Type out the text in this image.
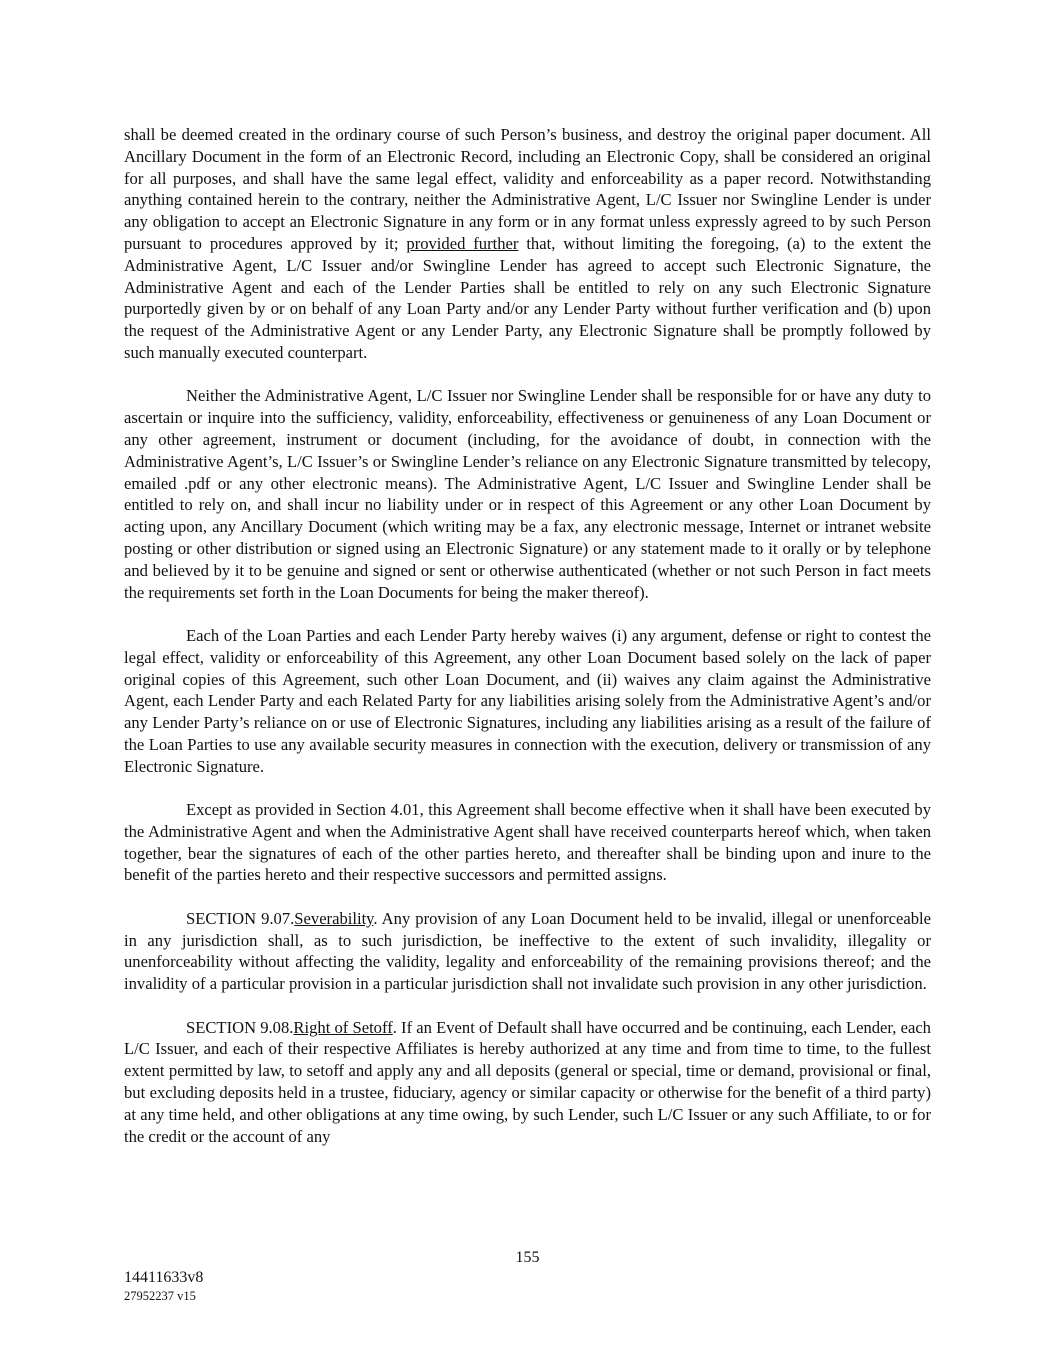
shall be deemed created in the ordinary course of such Person’s business, and destroy the original paper document. All Ancillary Document in the form of an Electronic Record, including an Electronic Copy, shall be considered an original for all purposes, and shall have the same legal effect, validity and enforceability as a paper record. Notwithstanding anything contained herein to the contrary, neither the Administrative Agent, L/C Issuer nor Swingline Lender is under any obligation to accept an Electronic Signature in any form or in any format unless expressly agreed to by such Person pursuant to procedures approved by it; provided further that, without limiting the foregoing, (a) to the extent the Administrative Agent, L/C Issuer and/or Swingline Lender has agreed to accept such Electronic Signature, the Administrative Agent and each of the Lender Parties shall be entitled to rely on any such Electronic Signature purportedly given by or on behalf of any Loan Party and/or any Lender Party without further verification and (b) upon the request of the Administrative Agent or any Lender Party, any Electronic Signature shall be promptly followed by such manually executed counterpart.

Neither the Administrative Agent, L/C Issuer nor Swingline Lender shall be responsible for or have any duty to ascertain or inquire into the sufficiency, validity, enforceability, effectiveness or genuineness of any Loan Document or any other agreement, instrument or document (including, for the avoidance of doubt, in connection with the Administrative Agent’s, L/C Issuer’s or Swingline Lender’s reliance on any Electronic Signature transmitted by telecopy, emailed .pdf or any other electronic means). The Administrative Agent, L/C Issuer and Swingline Lender shall be entitled to rely on, and shall incur no liability under or in respect of this Agreement or any other Loan Document by acting upon, any Ancillary Document (which writing may be a fax, any electronic message, Internet or intranet website posting or other distribution or signed using an Electronic Signature) or any statement made to it orally or by telephone and believed by it to be genuine and signed or sent or otherwise authenticated (whether or not such Person in fact meets the requirements set forth in the Loan Documents for being the maker thereof).

Each of the Loan Parties and each Lender Party hereby waives (i) any argument, defense or right to contest the legal effect, validity or enforceability of this Agreement, any other Loan Document based solely on the lack of paper original copies of this Agreement, such other Loan Document, and (ii) waives any claim against the Administrative Agent, each Lender Party and each Related Party for any liabilities arising solely from the Administrative Agent’s and/or any Lender Party’s reliance on or use of Electronic Signatures, including any liabilities arising as a result of the failure of the Loan Parties to use any available security measures in connection with the execution, delivery or transmission of any Electronic Signature.

Except as provided in Section 4.01, this Agreement shall become effective when it shall have been executed by the Administrative Agent and when the Administrative Agent shall have received counterparts hereof which, when taken together, bear the signatures of each of the other parties hereto, and thereafter shall be binding upon and inure to the benefit of the parties hereto and their respective successors and permitted assigns.

SECTION 9.07.Severability. Any provision of any Loan Document held to be invalid, illegal or unenforceable in any jurisdiction shall, as to such jurisdiction, be ineffective to the extent of such invalidity, illegality or unenforceability without affecting the validity, legality and enforceability of the remaining provisions thereof; and the invalidity of a particular provision in a particular jurisdiction shall not invalidate such provision in any other jurisdiction.

SECTION 9.08.Right of Setoff. If an Event of Default shall have occurred and be continuing, each Lender, each L/C Issuer, and each of their respective Affiliates is hereby authorized at any time and from time to time, to the fullest extent permitted by law, to setoff and apply any and all deposits (general or special, time or demand, provisional or final, but excluding deposits held in a trustee, fiduciary, agency or similar capacity or otherwise for the benefit of a third party) at any time held, and other obligations at any time owing, by such Lender, such L/C Issuer or any such Affiliate, to or for the credit or the account of any

155
14411633v8
27952237 v15
